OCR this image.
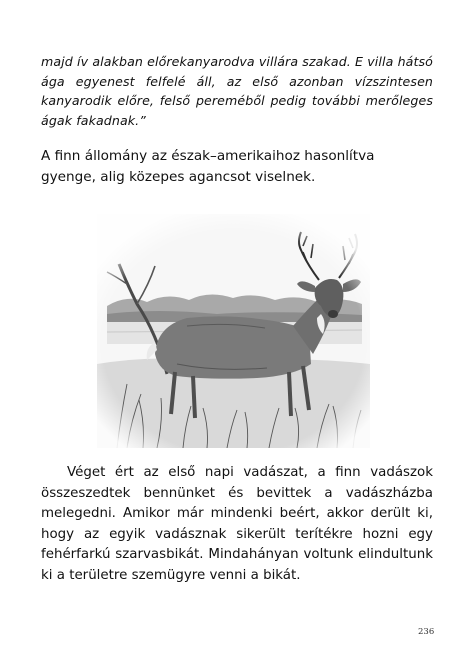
majd ív alakban előrekanyarodva villára szakad. E villa hátsó ága egyenest felfelé áll, az első azonban vízszintesen kanyarodik előre, felső pereméből pedig további merőleges ágak fakadnak.”

A finn állomány az észak–amerikaihoz hasonlítva gyenge, alig közepes agancsot viselnek.

Véget ért az első napi vadászat, a finn vadászok összeszedtek bennünket és bevittek a vadászházba melegedni. Amikor már mindenki beért, akkor derült ki, hogy az egyik vadásznak sikerült terítékre hozni egy fehérfarkú szarvasbikát. Mindahányan voltunk elindultunk ki a területre szemügyre venni a bikát.

236
